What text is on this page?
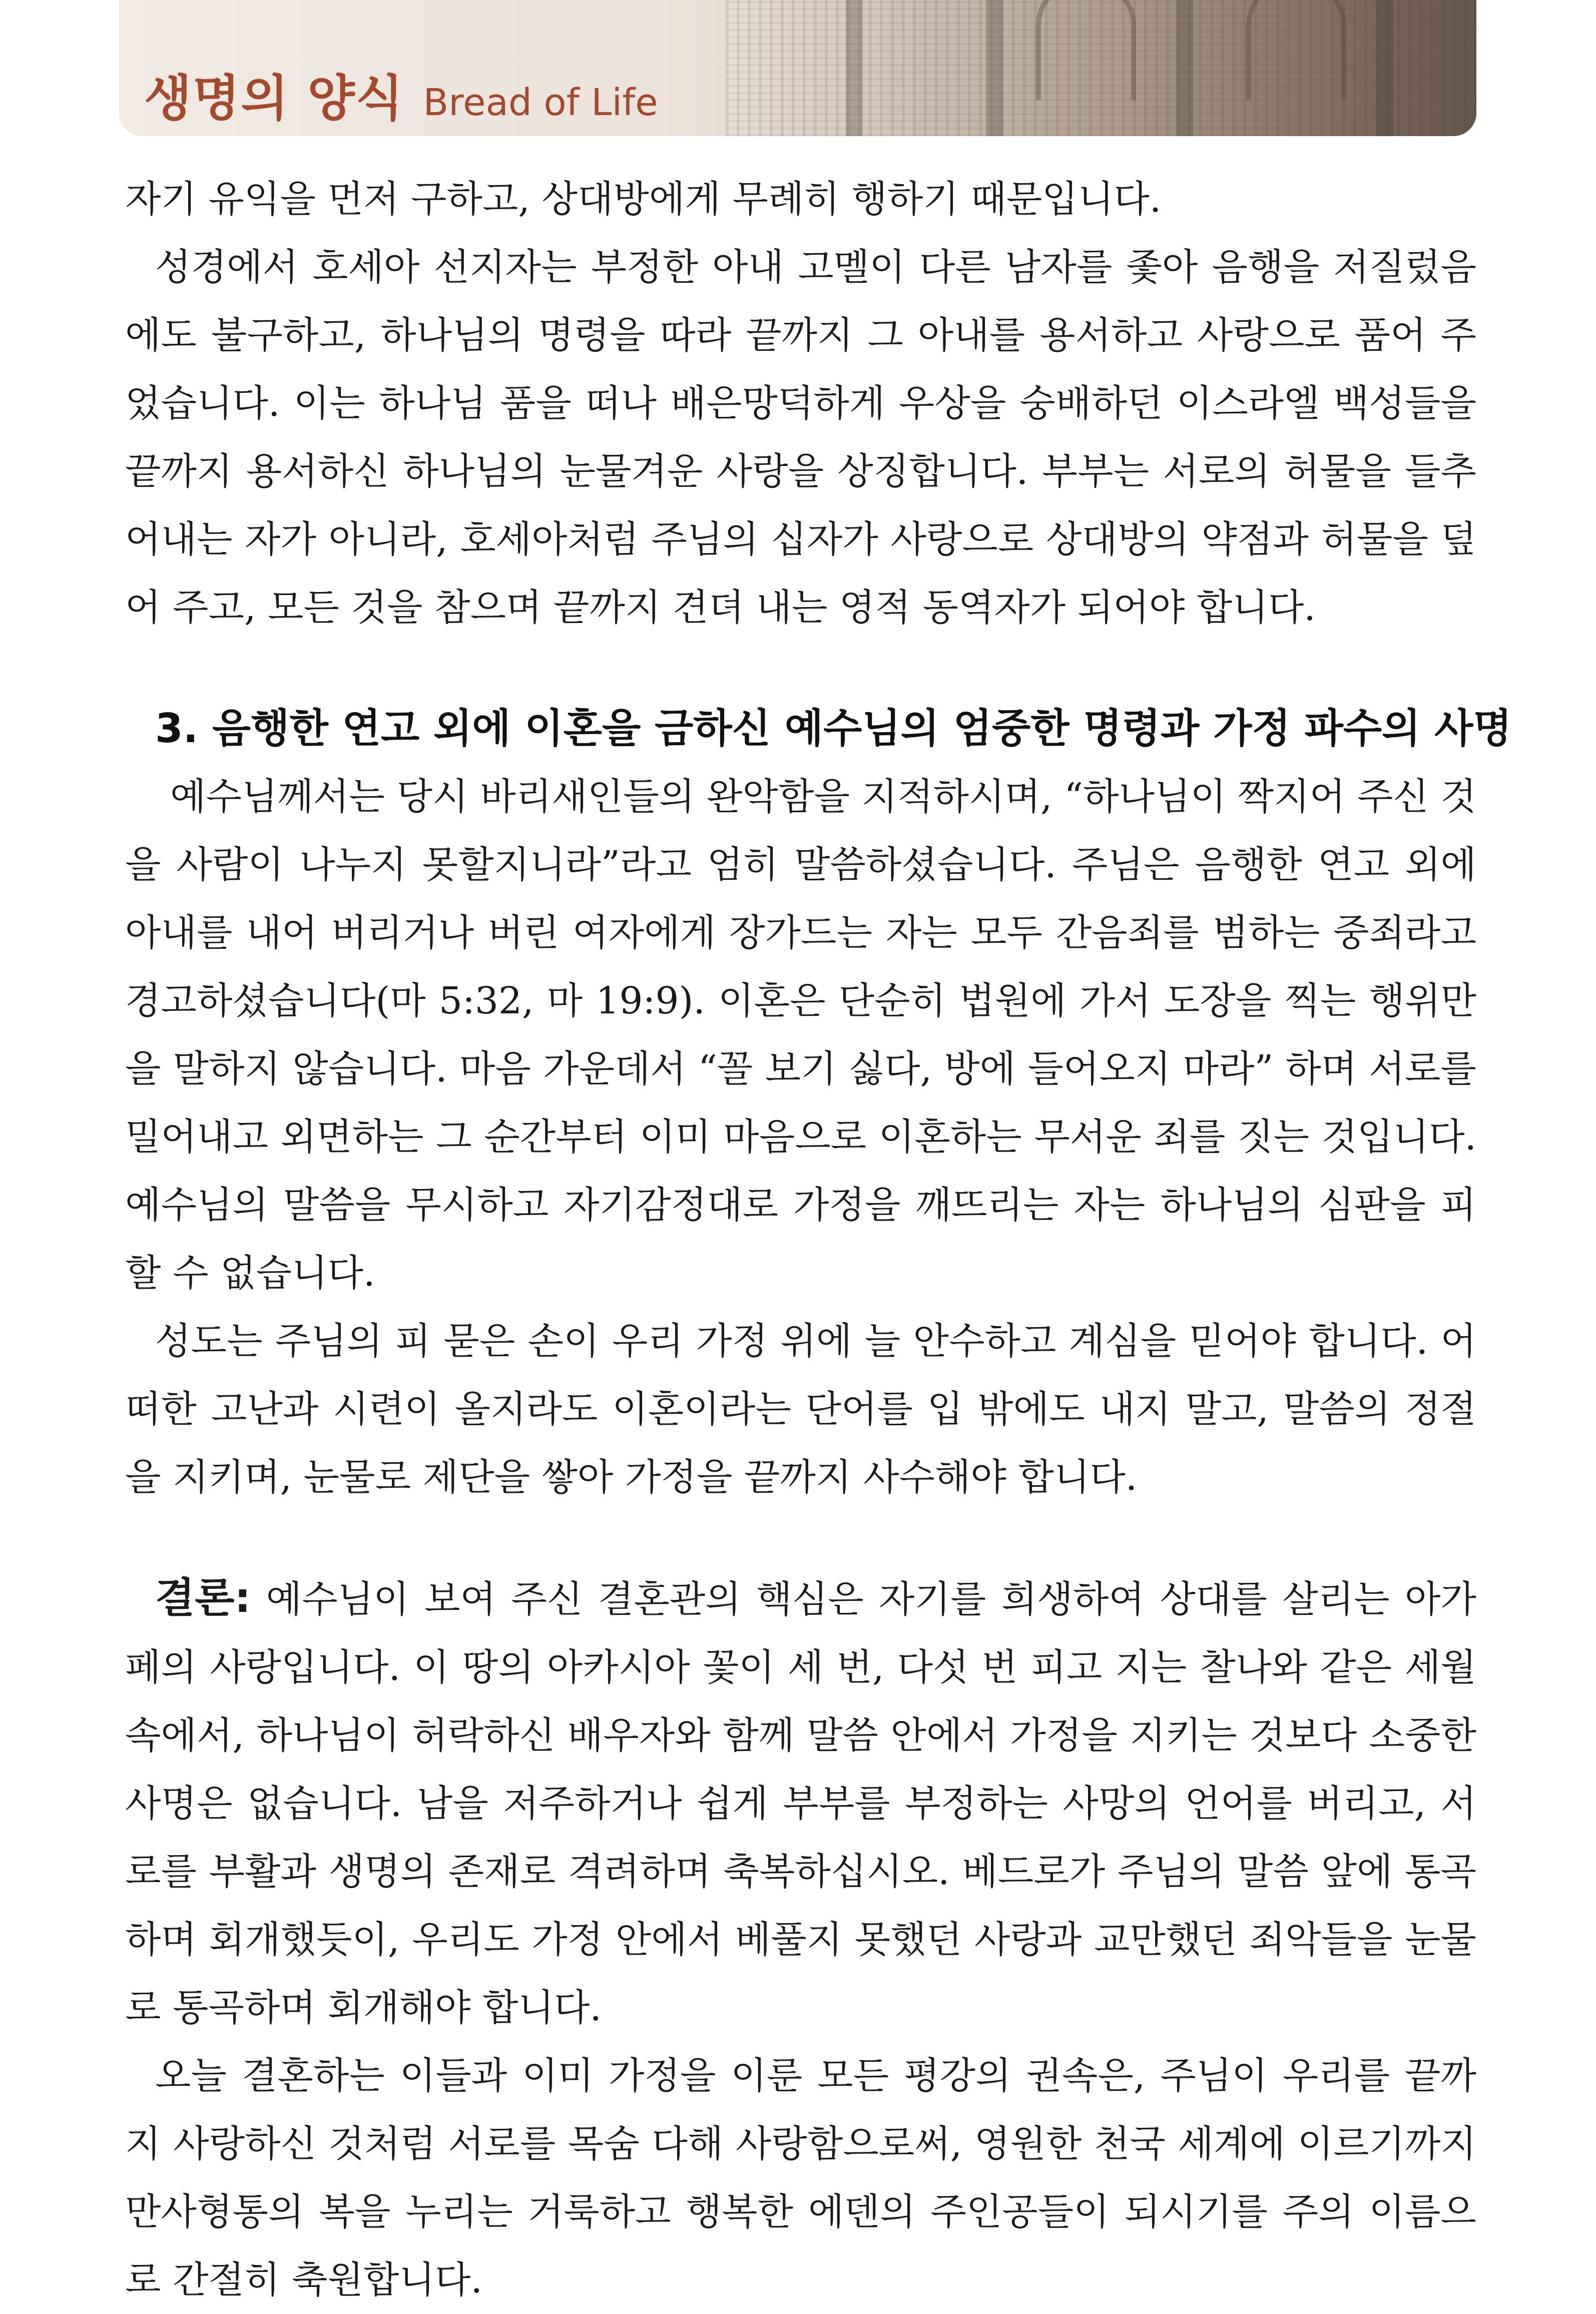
생명의 양식 Bread of Life

자기 유익을 먼저 구하고, 상대방에게 무례히 행하기 때문입니다.

성경에서 호세아 선지자는 부정한 아내 고멜이 다른 남자를 좇아 음행을 저질렀음에도 불구하고, 하나님의 명령을 따라 끝까지 그 아내를 용서하고 사랑으로 품어 주었습니다. 이는 하나님 품을 떠나 배은망덕하게 우상을 숭배하던 이스라엘 백성들을 끝까지 용서하신 하나님의 눈물겨운 사랑을 상징합니다. 부부는 서로의 허물을 들추어내는 자가 아니라, 호세아처럼 주님의 십자가 사랑으로 상대방의 약점과 허물을 덮어 주고, 모든 것을 참으며 끝까지 견뎌 내는 영적 동역자가 되어야 합니다.

3. 음행한 연고 외에 이혼을 금하신 예수님의 엄중한 명령과 가정 파수의 사명

예수님께서는 당시 바리새인들의 완악함을 지적하시며, “하나님이 짝지어 주신 것을 사람이 나누지 못할지니라”라고 엄히 말씀하셨습니다. 주님은 음행한 연고 외에 아내를 내어 버리거나 버린 여자에게 장가드는 자는 모두 간음죄를 범하는 중죄라고 경고하셨습니다(마 5:32, 마 19:9). 이혼은 단순히 법원에 가서 도장을 찍는 행위만을 말하지 않습니다. 마음 가운데서 “꼴 보기 싫다, 방에 들어오지 마라” 하며 서로를 밀어내고 외면하는 그 순간부터 이미 마음으로 이혼하는 무서운 죄를 짓는 것입니다. 예수님의 말씀을 무시하고 자기감정대로 가정을 깨뜨리는 자는 하나님의 심판을 피할 수 없습니다.

성도는 주님의 피 묻은 손이 우리 가정 위에 늘 안수하고 계심을 믿어야 합니다. 어떠한 고난과 시련이 올지라도 이혼이라는 단어를 입 밖에도 내지 말고, 말씀의 정절을 지키며, 눈물로 제단을 쌓아 가정을 끝까지 사수해야 합니다.

결론: 예수님이 보여 주신 결혼관의 핵심은 자기를 희생하여 상대를 살리는 아가페의 사랑입니다. 이 땅의 아카시아 꽃이 세 번, 다섯 번 피고 지는 찰나와 같은 세월 속에서, 하나님이 허락하신 배우자와 함께 말씀 안에서 가정을 지키는 것보다 소중한 사명은 없습니다. 남을 저주하거나 쉽게 부부를 부정하는 사망의 언어를 버리고, 서로를 부활과 생명의 존재로 격려하며 축복하십시오. 베드로가 주님의 말씀 앞에 통곡하며 회개했듯이, 우리도 가정 안에서 베풀지 못했던 사랑과 교만했던 죄악들을 눈물로 통곡하며 회개해야 합니다.

오늘 결혼하는 이들과 이미 가정을 이룬 모든 평강의 권속은, 주님이 우리를 끝까지 사랑하신 것처럼 서로를 목숨 다해 사랑함으로써, 영원한 천국 세계에 이르기까지 만사형통의 복을 누리는 거룩하고 행복한 에덴의 주인공들이 되시기를 주의 이름으로 간절히 축원합니다.
